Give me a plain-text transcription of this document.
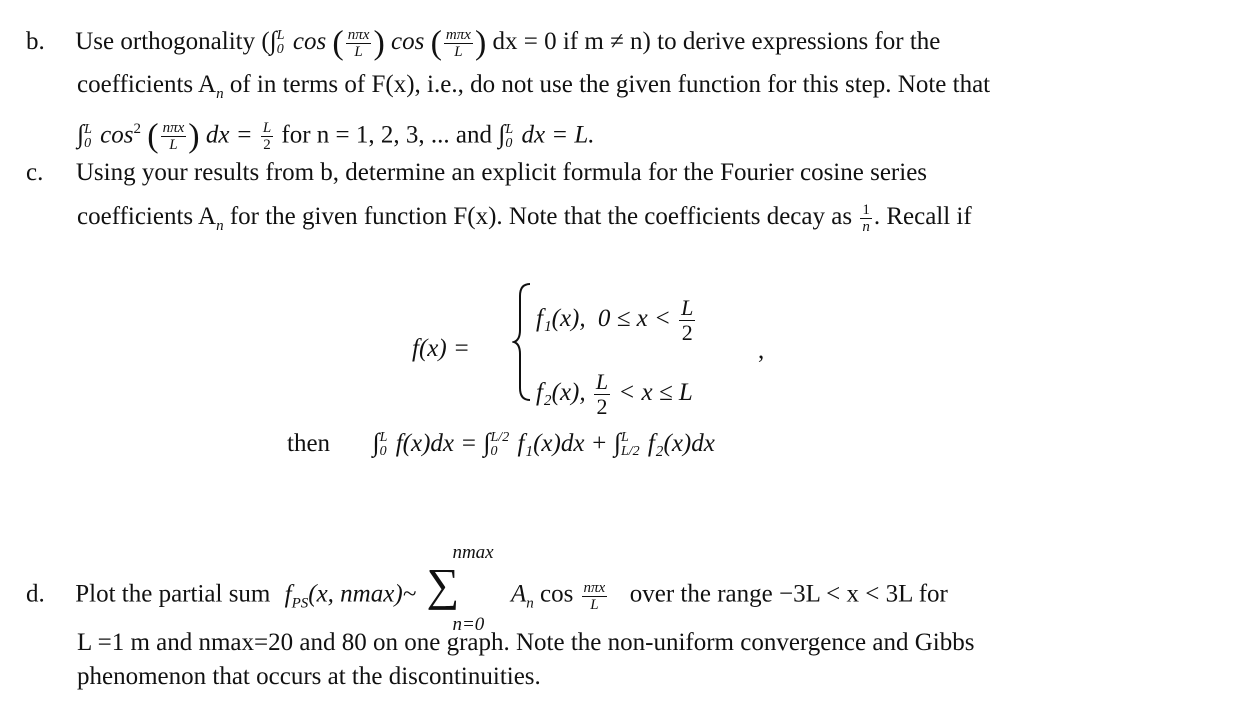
b. Use orthogonality (∫ L
0 cos ( $\frac{\text{nπx}}{L}$ ) cos ( $\frac{\text{mπx}}{L}$ ) dx = 0 if m ≠ n) to derive expressions for the
coefficients $A_n$ of in terms of F(x), i.e., do not use the given function for this step. Note that
∫ L
0 $\cos^2$ ( $\frac{\text{nπx}}{L}$ ) dx = $\frac{L}{2}$ for n = 1, 2, 3, ... and ∫ L
0 dx = L.
c. Using your results from b, determine an explicit formula for the Fourier cosine series
coefficients $A_n$ for the given function F(x). Note that the coefficients decay as $\frac{1}{n}$ . Recall if
f(x) =
f₁(x), $0 \le x < \frac{L}{2}$
,
f₂(x), $\frac{L}{2} < x \le L$
then ∫ L
0 f(x)dx = ∫ L/2
0 f₁(x)dx + ∫ L
L/2 f₂(x)dx
d. Plot the partial sum $f_{PS}(x$, nmax)~ ∑
nmax
n=0
$A_n$ $\cos \frac{\text{nπx}}{L}$ over the range −3L < x < 3L for
L =1 m and nmax=20 and 80 on one graph. Note the non-uniform convergence and Gibbs
phenomenon that occurs at the discontinuities.
